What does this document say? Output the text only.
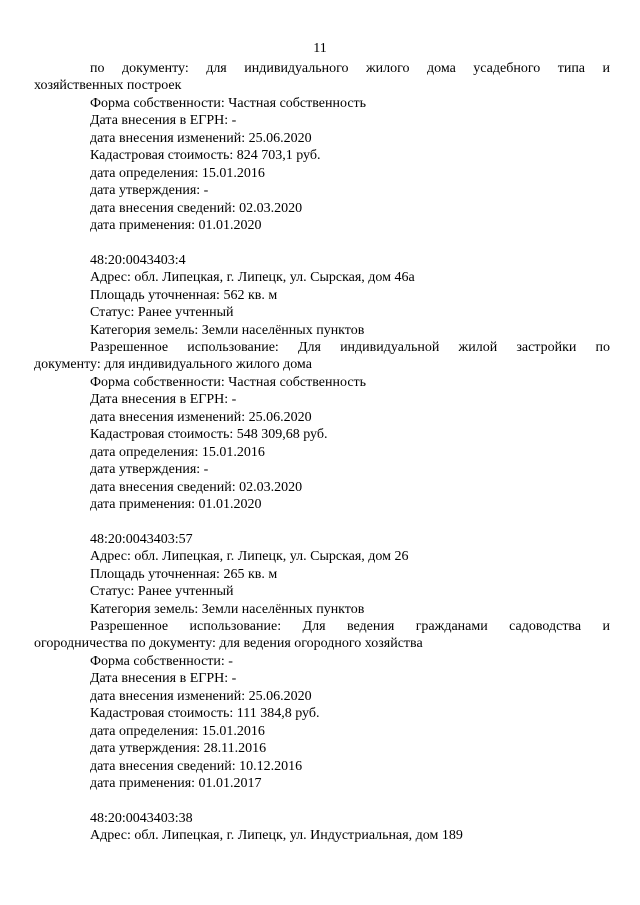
11
по документу: для индивидуального жилого дома усадебного типа и
хозяйственных построек
Форма собственности: Частная собственность
Дата внесения в ЕГРН: -
дата внесения изменений: 25.06.2020
Кадастровая стоимость: 824 703,1 руб.
дата определения: 15.01.2016
дата утверждения: -
дата внесения сведений: 02.03.2020
дата применения: 01.01.2020
48:20:0043403:4
Адрес: обл. Липецкая, г. Липецк, ул. Сырская, дом 46а
Площадь уточненная: 562 кв. м
Статус: Ранее учтенный
Категория земель: Земли населённых пунктов
Разрешенное использование: Для индивидуальной жилой застройки по
документу: для индивидуального жилого дома
Форма собственности: Частная собственность
Дата внесения в ЕГРН: -
дата внесения изменений: 25.06.2020
Кадастровая стоимость: 548 309,68 руб.
дата определения: 15.01.2016
дата утверждения: -
дата внесения сведений: 02.03.2020
дата применения: 01.01.2020
48:20:0043403:57
Адрес: обл. Липецкая, г. Липецк, ул. Сырская, дом 26
Площадь уточненная: 265 кв. м
Статус: Ранее учтенный
Категория земель: Земли населённых пунктов
Разрешенное использование: Для ведения гражданами садоводства и
огородничества по документу: для ведения огородного хозяйства
Форма собственности: -
Дата внесения в ЕГРН: -
дата внесения изменений: 25.06.2020
Кадастровая стоимость: 111 384,8 руб.
дата определения: 15.01.2016
дата утверждения: 28.11.2016
дата внесения сведений: 10.12.2016
дата применения: 01.01.2017
48:20:0043403:38
Адрес: обл. Липецкая, г. Липецк, ул. Индустриальная, дом 189
